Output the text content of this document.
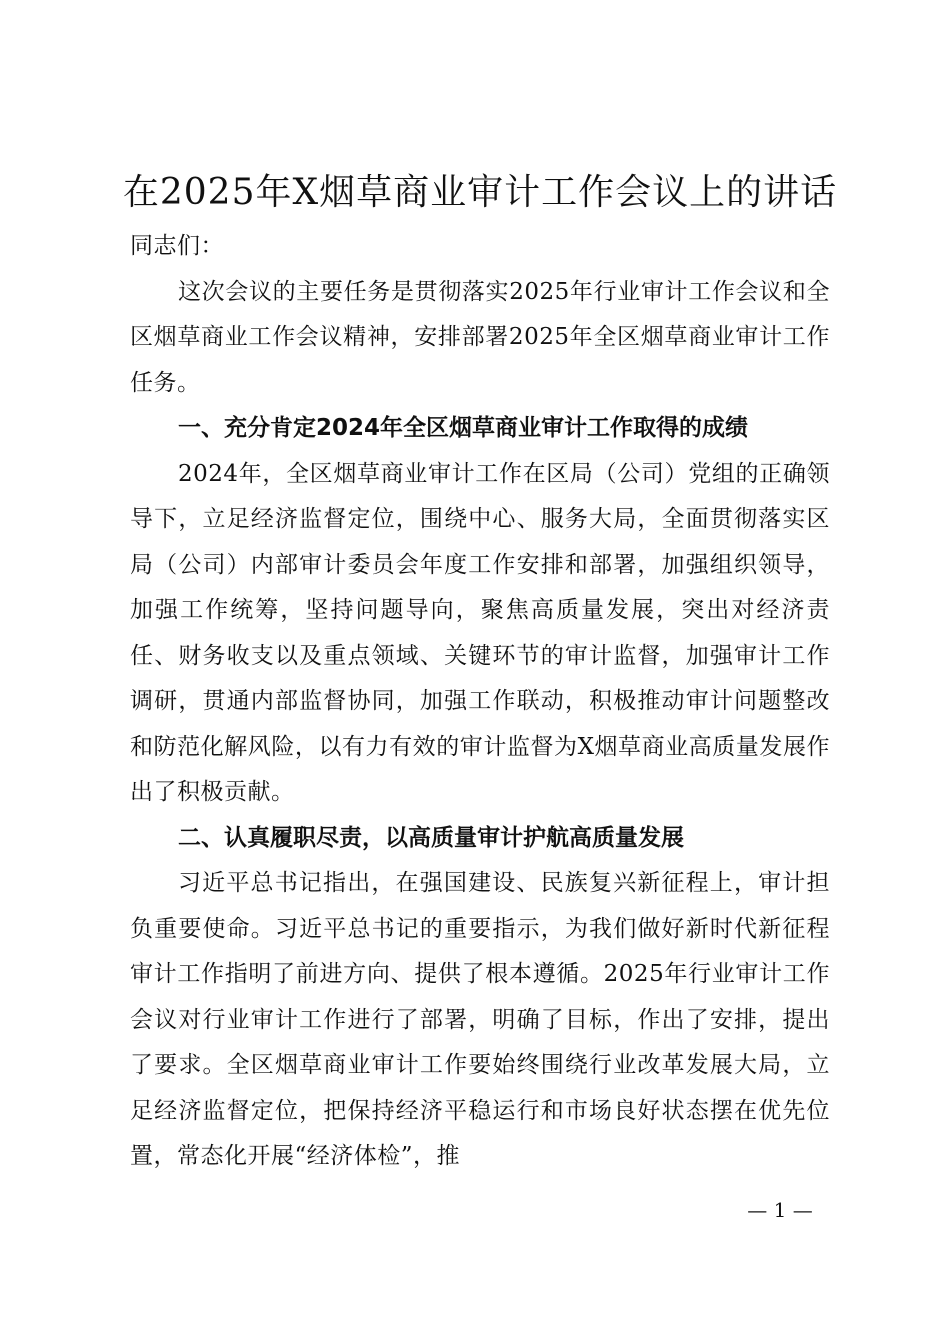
在2025年X烟草商业审计工作会议上的讲话

同志们：

这次会议的主要任务是贯彻落实2025年行业审计工作会议和全区烟草商业工作会议精神，安排部署2025年全区烟草商业审计工作任务。

一、充分肯定2024年全区烟草商业审计工作取得的成绩

2024年，全区烟草商业审计工作在区局（公司）党组的正确领导下，立足经济监督定位，围绕中心、服务大局，全面贯彻落实区局（公司）内部审计委员会年度工作安排和部署，加强组织领导，加强工作统筹，坚持问题导向，聚焦高质量发展，突出对经济责任、财务收支以及重点领域、关键环节的审计监督，加强审计工作调研，贯通内部监督协同，加强工作联动，积极推动审计问题整改和防范化解风险，以有力有效的审计监督为X烟草商业高质量发展作出了积极贡献。

二、认真履职尽责，以高质量审计护航高质量发展

习近平总书记指出，在强国建设、民族复兴新征程上，审计担负重要使命。习近平总书记的重要指示，为我们做好新时代新征程审计工作指明了前进方向、提供了根本遵循。2025年行业审计工作会议对行业审计工作进行了部署，明确了目标，作出了安排，提出了要求。全区烟草商业审计工作要始终围绕行业改革发展大局，立足经济监督定位，把保持经济平稳运行和市场良好状态摆在优先位置，常态化开展“经济体检”，推

— 1 —
